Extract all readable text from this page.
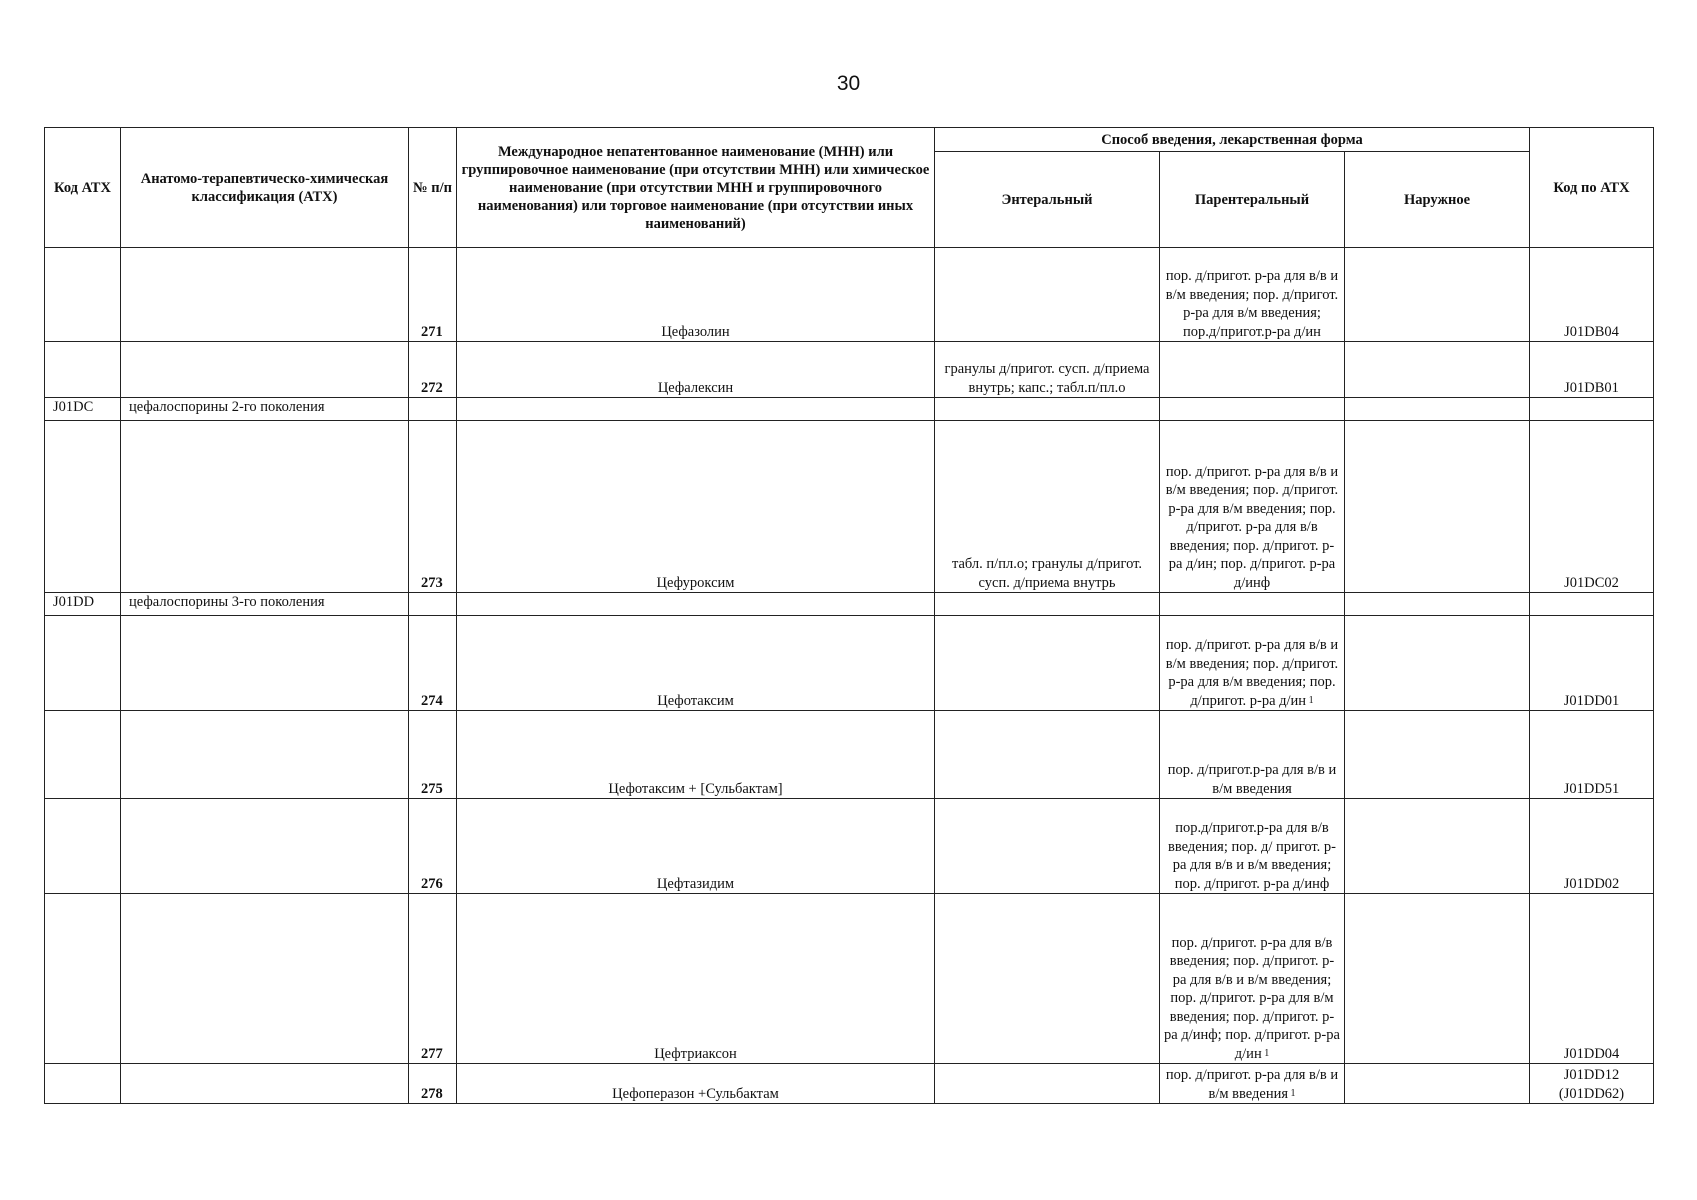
30
Код АТХ	Анатомо-терапевтическо-химическая классификация (АТХ)	№ п/п	Международное непатентованное наименование (МНН) или группировочное наименование (при отсутствии МНН) или химическое наименование (при отсутствии МНН и группировочного наименования) или торговое наименование (при отсутствии иных наименований)	Способ введения, лекарственная форма			Код по АТХ
				Энтеральный	Парентеральный	Наружное	
		271	Цефазолин		пор. д/пригот. р-ра для в/в и в/м введения; пор. д/пригот. р-ра для в/м введения; пор.д/пригот.р-ра д/ин		J01DB04

		272	Цефалексин	гранулы д/пригот. сусп. д/приема внутрь; капс.; табл.п/пл.о			J01DB01

J01DC	цефалоспорины 2-го поколения						
		273	Цефуроксим	табл. п/пл.о; гранулы д/пригот. сусп. д/приема внутрь	пор. д/пригот. р-ра для в/в и в/м введения; пор. д/пригот. р-ра для в/м введения; пор. д/пригот. р-ра для в/в введения; пор. д/пригот. р-ра д/ин; пор. д/пригот. р-ра д/инф		J01DC02

J01DD	цефалоспорины 3-го поколения						
		274	Цефотаксим		пор. д/пригот. р-ра для в/в и в/м введения; пор. д/пригот. р-ра для в/м введения; пор. д/пригот. р-ра д/ин $^1$		J01DD01

		275	Цефотаксим + [Сульбактам]		пор. д/пригот.р-ра для в/в и в/м введения		J01DD51

		276	Цефтазидим		пор.д/пригот.р-ра для в/в введения; пор. д/ пригот. р-ра для в/в и в/м введения; пор. д/пригот. р-ра д/инф		J01DD02

		277	Цефтриаксон		пор. д/пригот. р-ра для в/в введения; пор. д/пригот. р-ра для в/в и в/м введения; пор. д/пригот. р-ра для в/м введения; пор. д/пригот. р-ра д/инф; пор. д/пригот. р-ра д/ин $^1$		J01DD04

		278	Цефоперазон +Сульбактам		пор. д/пригот. р-ра для в/в и в/м введения $^1$		J01DD12
(J01DD62)
